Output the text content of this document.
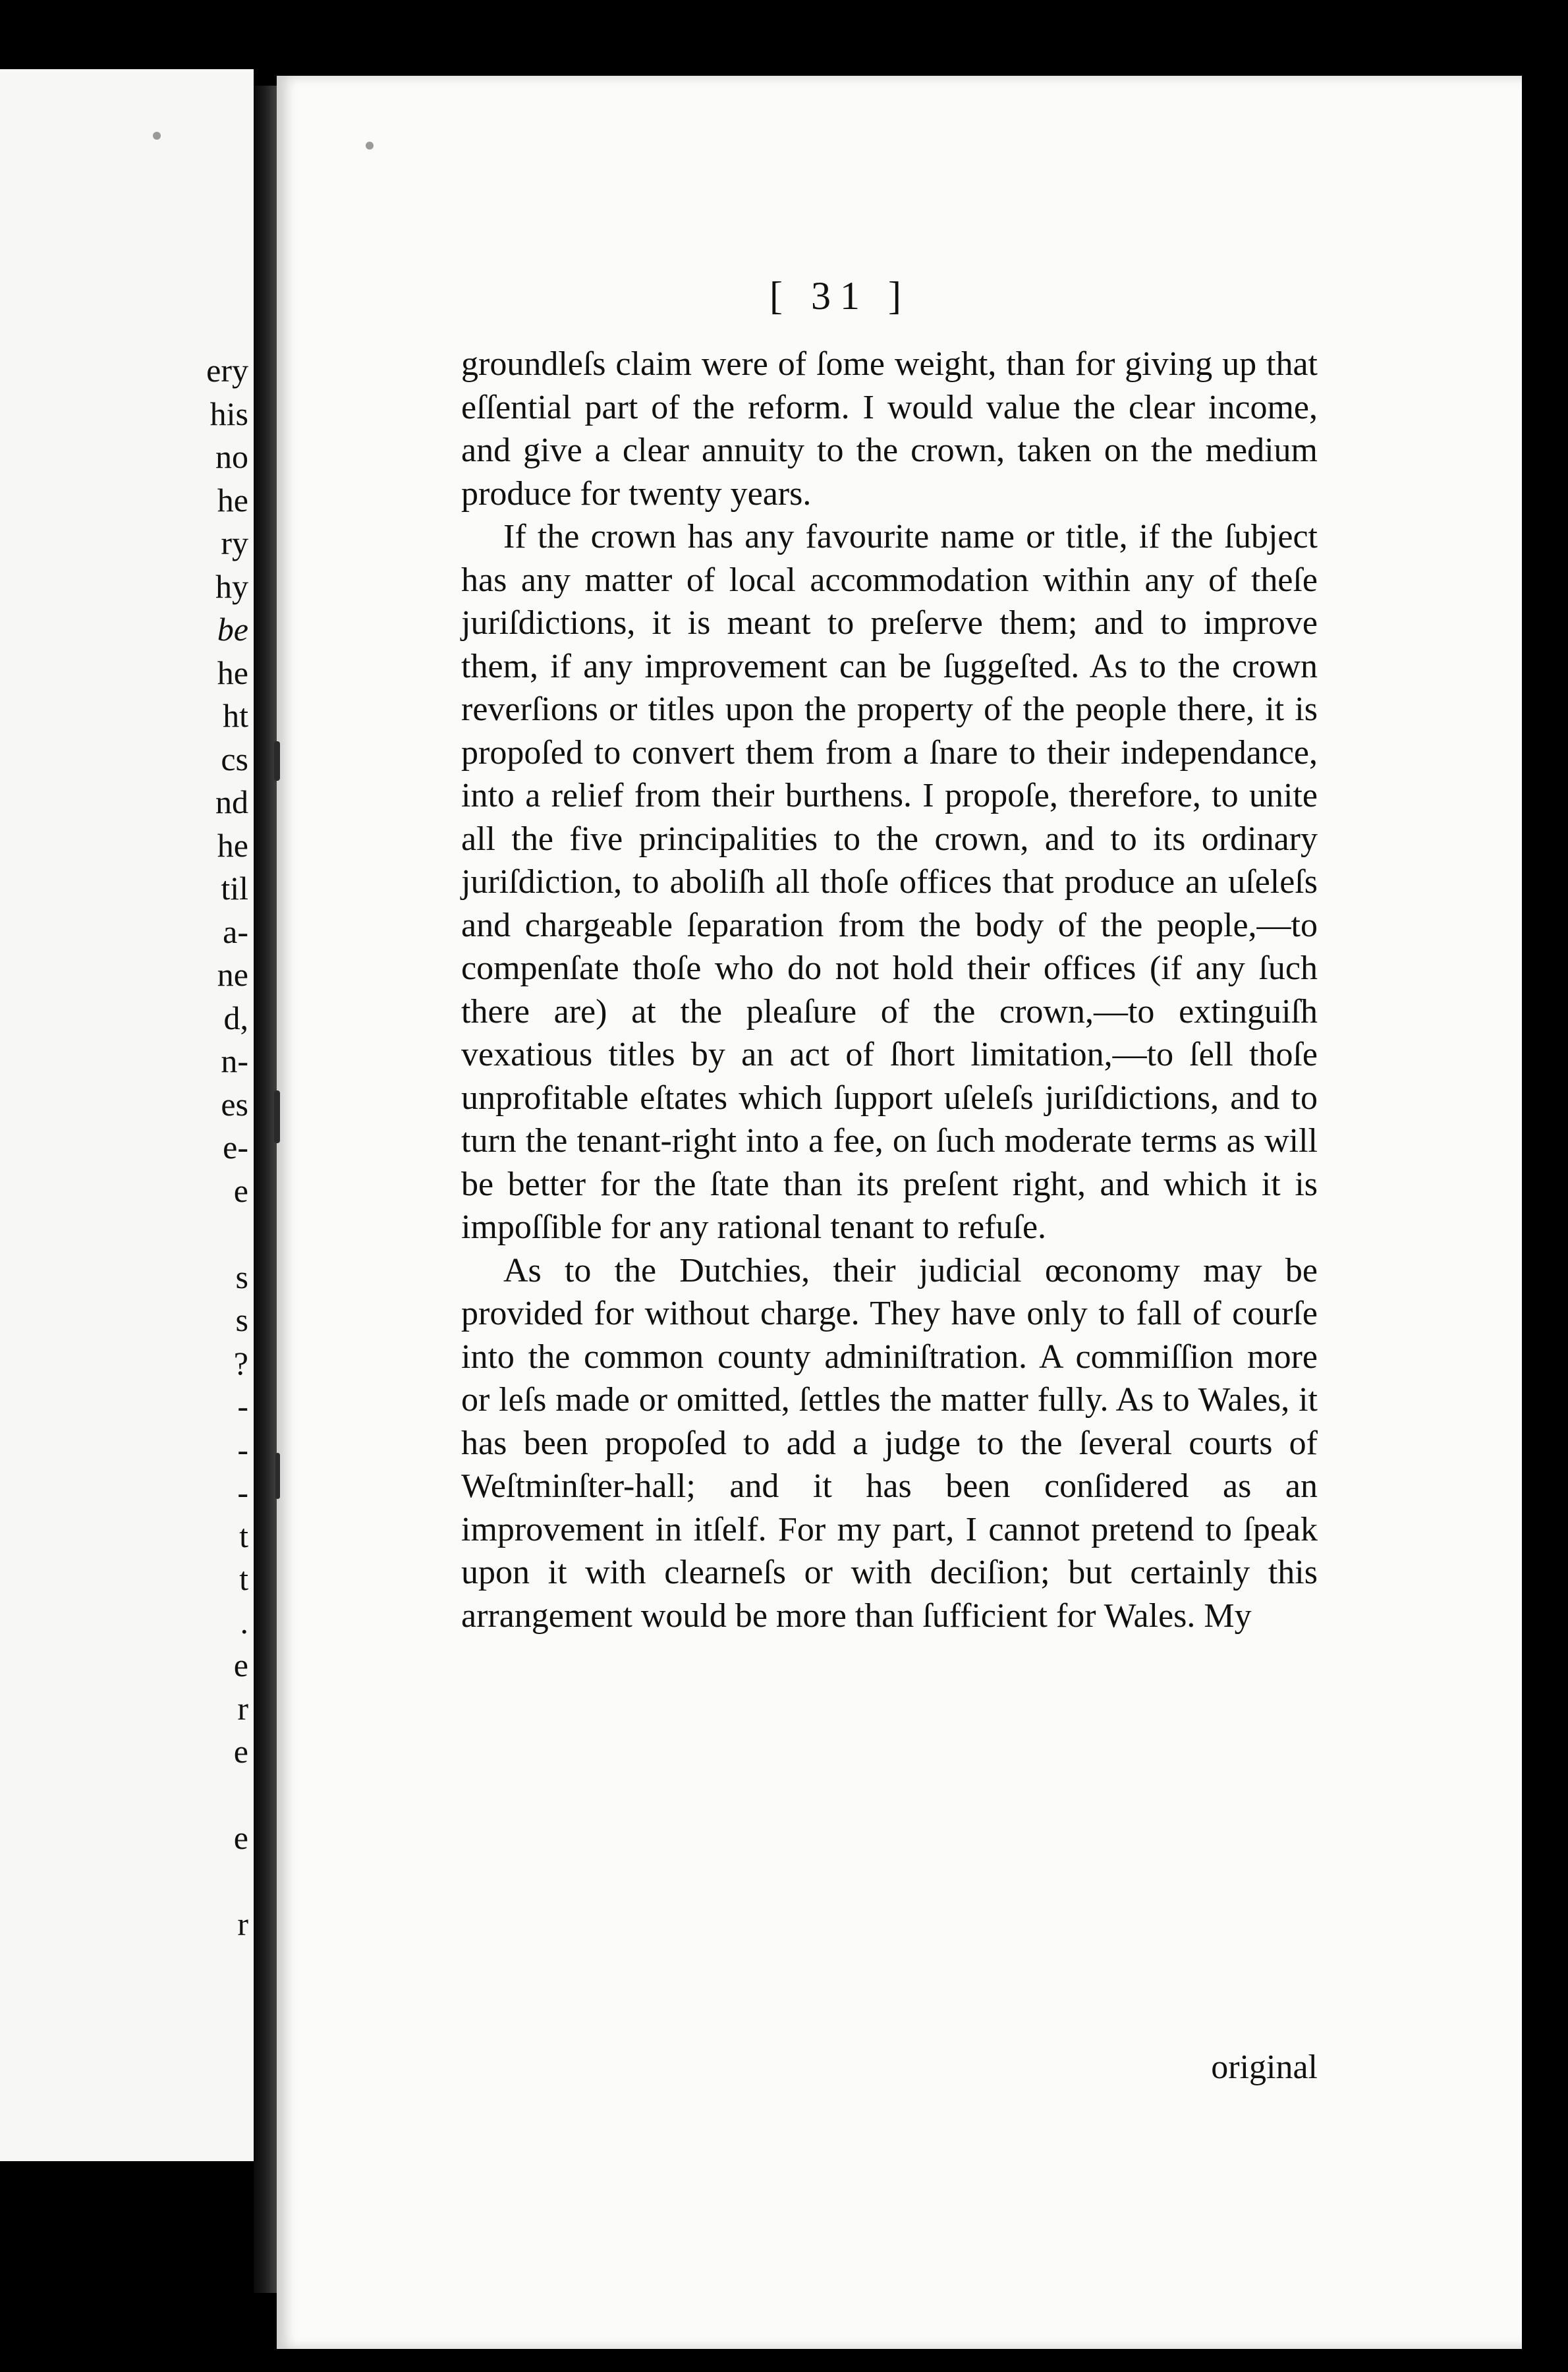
ery
his
no
he
ry
hy
be
he
ht
cs
nd
he
til
a-
ne
d,
n-
es
e-
e

s
s
?
-
-
-
t
t
.
e
r
e

e

r
[ 31 ]

groundleſs claim were of ſome weight, than for giving up that eſſential part of the reform. I would value the clear income, and give a clear annuity to the crown, taken on the medium produce for twenty years.

If the crown has any favourite name or title, if the ſubject has any matter of local accommodation within any of theſe juriſdictions, it is meant to preſerve them; and to improve them, if any improvement can be ſuggeſted. As to the crown reverſions or titles upon the property of the people there, it is propoſed to convert them from a ſnare to their independance, into a relief from their burthens. I propoſe, therefore, to unite all the five principalities to the crown, and to its ordinary juriſdiction, to aboliſh all thoſe offices that produce an uſeleſs and chargeable ſeparation from the body of the people,—to compenſate thoſe who do not hold their offices (if any ſuch there are) at the pleaſure of the crown,—to extinguiſh vexatious titles by an act of ſhort limitation,—to ſell thoſe unprofitable eſtates which ſupport uſeleſs juriſdictions, and to turn the tenant-right into a fee, on ſuch moderate terms as will be better for the ſtate than its preſent right, and which it is impoſſible for any rational tenant to refuſe.

As to the Dutchies, their judicial œconomy may be provided for without charge. They have only to fall of courſe into the common county adminiſtration. A commiſſion more or leſs made or omitted, ſettles the matter fully. As to Wales, it has been propoſed to add a judge to the ſeveral courts of Weſtminſter-hall; and it has been conſidered as an improvement in itſelf. For my part, I cannot pretend to ſpeak upon it with clearneſs or with deciſion; but certainly this arrangement would be more than ſufficient for Wales. My

original
